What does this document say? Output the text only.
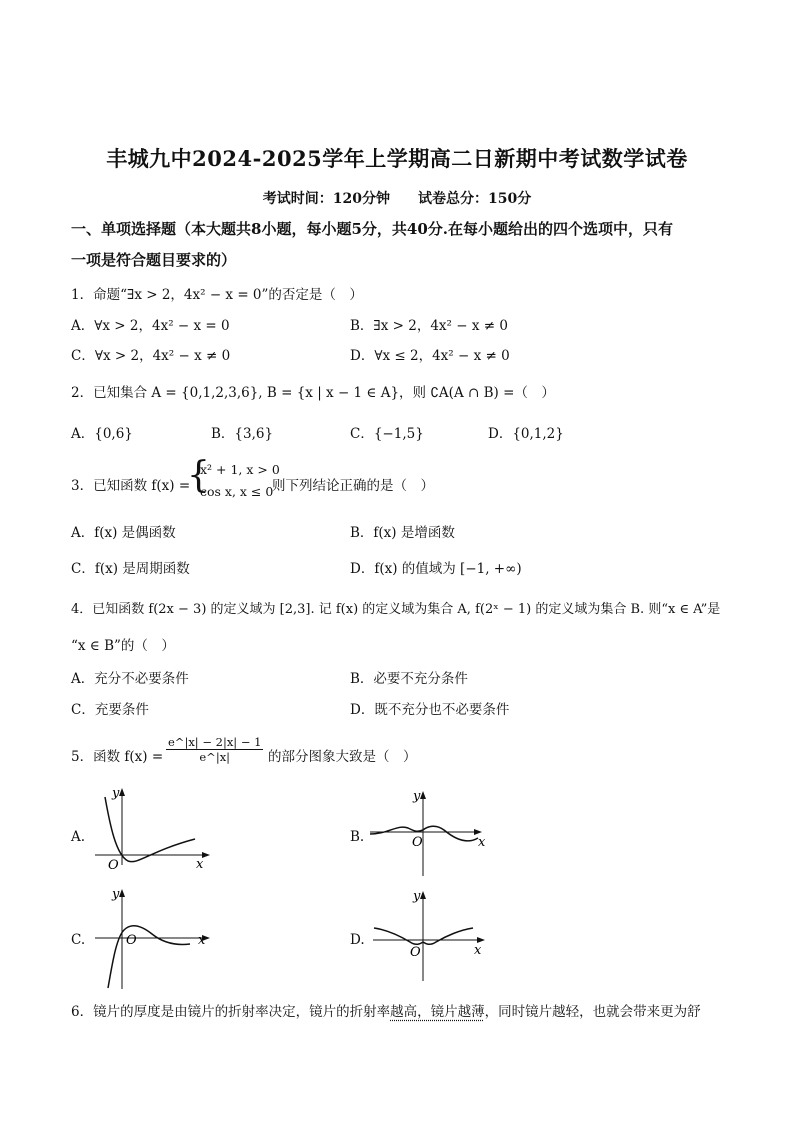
丰城九中2024-2025学年上学期高二日新期中考试数学试卷
考试时间：120分钟　　试卷总分：150分
一、单项选择题（本大题共8小题，每小题5分，共40分.在每小题给出的四个选项中，只有
一项是符合题目要求的）
1．命题“∃x > 2，4x² − x = 0”的否定是（　）
A．∀x > 2，4x² − x = 0	B．∃x > 2，4x² − x ≠ 0
C．∀x > 2，4x² − x ≠ 0	D．∀x ≤ 2，4x² − x ≠ 0
2．已知集合 A = {0,1,2,3,6}, B = {x | x − 1 ∈ A}，则 ∁A(A ∩ B) =（　）
A．{0,6}	B．{3,6}	C．{−1,5}	D．{0,1,2}
3．已知函数 f(x) =
{
x² + 1, x > 0
cos x, x ≤ 0
则下列结论正确的是（　）
A．f(x) 是偶函数	B．f(x) 是增函数
C．f(x) 是周期函数	D．f(x) 的值域为 [−1, +∞)
4．已知函数 f(2x − 3) 的定义域为 [2,3]. 记 f(x) 的定义域为集合 A, f(2ˣ − 1) 的定义域为集合 B. 则“x ∈ A”是
“x ∈ B”的（　）
A．充分不必要条件	B．必要不充分条件
C．充要条件	D．既不充分也不必要条件
5．函数 $f(x) = \frac{e\^{}|x| - 2|x| - 1}{e\^{}|x|}$ 的部分图象大致是（　）
A.	B.
C.	D.
y
x
O
y
x
O
y
x
O
y
x
O
6．镜片的厚度是由镜片的折射率决定，镜片的折射率越高，镜片越薄，同时镜片越轻，也就会带来更为舒
